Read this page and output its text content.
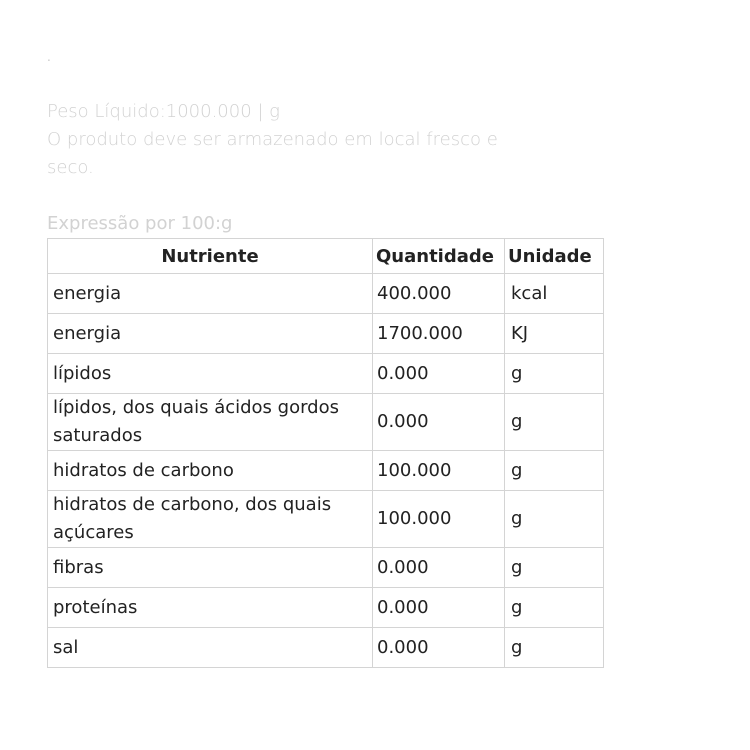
.
Peso Líquido:1000.000 | g
O produto deve ser armazenado em local fresco e
seco.
Expressão por 100:g
Nutriente	Quantidade	Unidade
energia	400.000	kcal
energia	1700.000	KJ
lípidos	0.000	g
lípidos, dos quais ácidos gordos saturados	0.000	g
hidratos de carbono	100.000	g
hidratos de carbono, dos quais açúcares	100.000	g
fibras	0.000	g
proteínas	0.000	g
sal	0.000	g
